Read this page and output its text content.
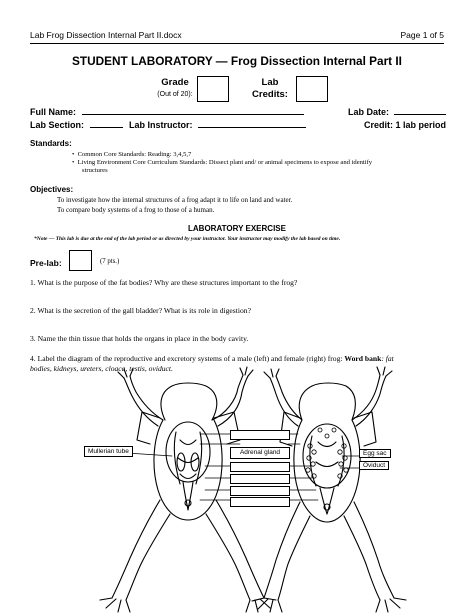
Lab Frog Dissection Internal Part II.docx	Page 1 of 5
STUDENT LABORATORY — Frog Dissection Internal Part II
Grade
(Out of 20):
Lab
Credits:
Full Name:	Lab Date:
Lab Section:	Lab Instructor:	Credit: 1 lab period
Standards:
•  Common Core Standards: Reading: 3,4,5,7
•  Living Environment Core Curriculum Standards: Dissect plant and/ or animal specimens to expose and identify
structures
Objectives:
To investigate how the internal structures of a frog adapt it to life on land and water.
To compare body systems of a frog to those of a human.
LABORATORY EXERCISE
*Note — This lab is due at the end of the lab period or as directed by your instructor. Your instructor may modify the lab based on time.
Pre-lab:	(7 pts.)
1. What is the purpose of the fat bodies? Why are these structures important to the frog?
2. What is the secretion of the gall bladder? What is its role in digestion?
3. Name the thin tissue that holds the organs in place in the body cavity.
4. Label the diagram of the reproductive and excretory systems of a male (left) and female (right) frog: Word bank: fat
bodies, kidneys, ureters, cloaca, testis, oviduct.
Mullerian tube	Adrenal gland	Egg sac
Oviduct
